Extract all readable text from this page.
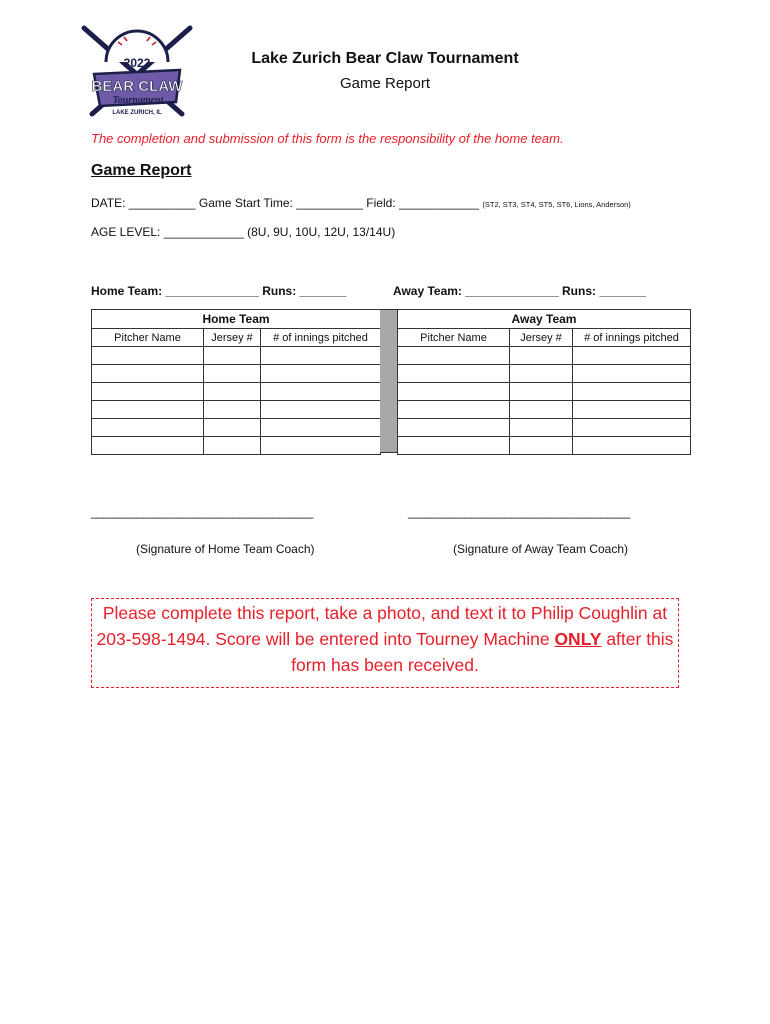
2022
BEAR CLAW
Tournament
LAKE ZURICH, IL
Lake Zurich Bear Claw Tournament
Game Report
The completion and submission of this form is the responsibility of the home team.
Game Report
DATE: __________ Game Start Time: __________ Field: ____________ (ST2, ST3, ST4, ST5, ST6, Lions, Anderson)
AGE LEVEL: ____________ (8U, 9U, 10U, 12U, 13/14U)
Home Team: ______________ Runs: _______	Away Team: ______________ Runs: _______
Home Team		
Pitcher Name	Jersey #	# of innings pitched

Away Team		
Pitcher Name	Jersey #	# of innings pitched

_______________________________________	_______________________________________
(Signature of Home Team Coach)	(Signature of Away Team Coach)
Please complete this report, take a photo, and text it to Philip Coughlin at 203-598-1494. Score will be entered into Tourney Machine ONLY after this form has been received.
